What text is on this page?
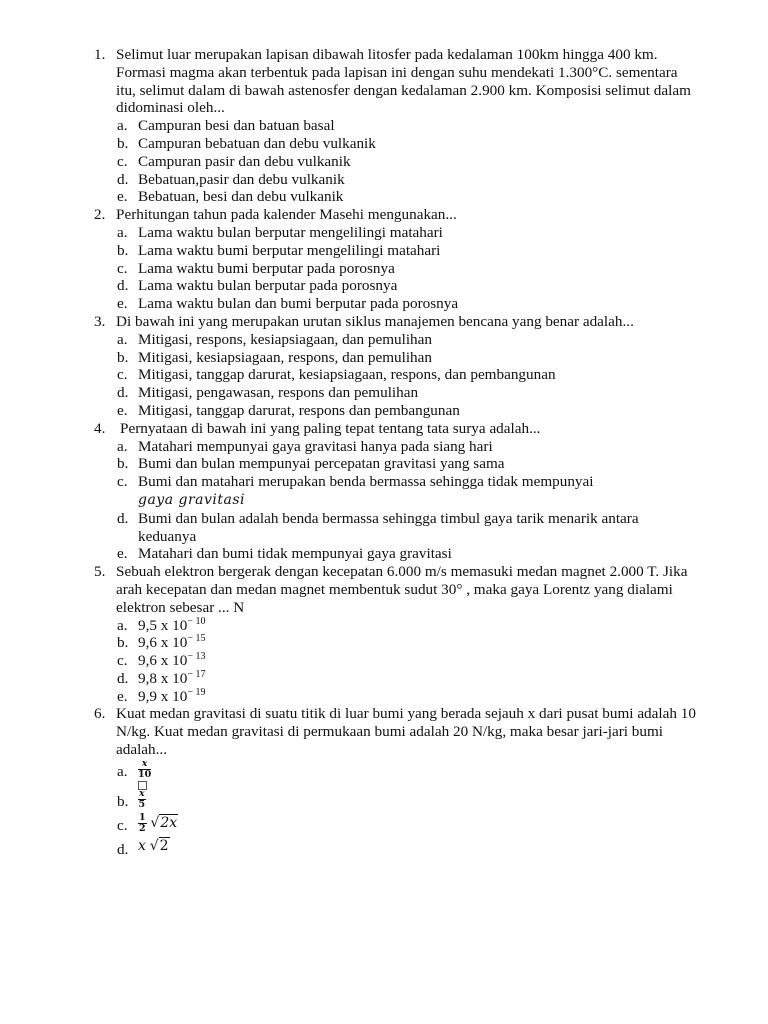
1. Selimut luar merupakan lapisan dibawah litosfer pada kedalaman 100km hingga 400 km. Formasi magma akan terbentuk pada lapisan ini dengan suhu mendekati 1.300°C. sementara itu, selimut dalam di bawah astenosfer dengan kedalaman 2.900 km. Komposisi selimut dalam didominasi oleh...
a. Campuran besi dan batuan basal
b. Campuran bebatuan dan debu vulkanik
c. Campuran pasir dan debu vulkanik
d. Bebatuan,pasir dan debu vulkanik
e. Bebatuan, besi dan debu vulkanik
2. Perhitungan tahun pada kalender Masehi mengunakan...
a. Lama waktu bulan berputar mengelilingi matahari
b. Lama waktu bumi berputar mengelilingi matahari
c. Lama waktu bumi berputar pada porosnya
d. Lama waktu bulan berputar pada porosnya
e. Lama waktu bulan dan bumi berputar pada porosnya
3. Di bawah ini yang merupakan urutan siklus manajemen bencana yang benar adalah...
a. Mitigasi, respons, kesiapsiagaan, dan pemulihan
b. Mitigasi, kesiapsiagaan, respons, dan pemulihan
c. Mitigasi, tanggap darurat, kesiapsiagaan, respons, dan pembangunan
d. Mitigasi, pengawasan, respons dan pemulihan
e. Mitigasi, tanggap darurat, respons dan pembangunan
4. Pernyataan di bawah ini yang paling tepat tentang tata surya adalah...
a. Matahari mempunyai gaya gravitasi hanya pada siang hari
b. Bumi dan bulan mempunyai percepatan gravitasi yang sama
c. Bumi dan matahari merupakan benda bermassa sehingga tidak mempunyai
gaya gravitasi
d. Bumi dan bulan adalah benda bermassa sehingga timbul gaya tarik menarik antara keduanya
e. Matahari dan bumi tidak mempunyai gaya gravitasi
5. Sebuah elektron bergerak dengan kecepatan 6.000 m/s memasuki medan magnet 2.000 T. Jika arah kecepatan dan medan magnet membentuk sudut 30° , maka gaya Lorentz yang dialami elektron sebesar ... N
a. 9,5 x $10^{- 10}$
b. 9,6 x $10^{- 15}$
c. 9,6 x $10^{- 13}$
d. 9,8 x $10^{- 17}$
e. 9,9 x $10^{- 19}$
6. Kuat medan gravitasi di suatu titik di luar bumi yang berada sejauh x dari pusat bumi adalah 10 N/kg. Kuat medan gravitasi di permukaan bumi adalah 20 N/kg, maka besar jari-jari bumi adalah...
a. $\frac{x}{10}$
b. $\frac{x}{5}$
c. $\frac{1}{2} √2x$
d. x √2
